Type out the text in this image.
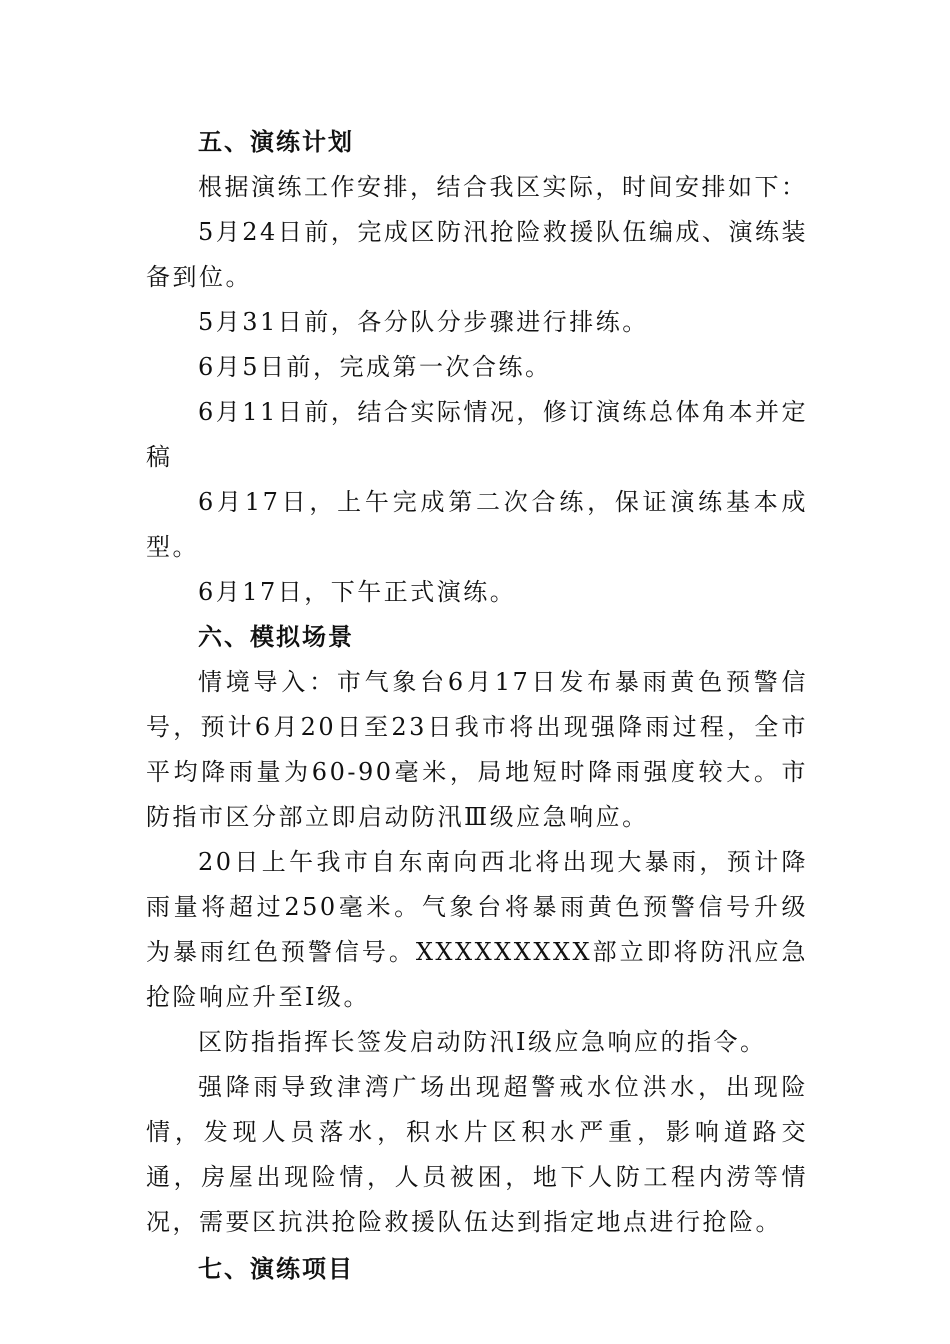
五、演练计划

根据演练工作安排，结合我区实际，时间安排如下：

5月24日前，完成区防汛抢险救援队伍编成、演练装备到位。

5月31日前，各分队分步骤进行排练。

6月5日前，完成第一次合练。

6月11日前，结合实际情况，修订演练总体角本并定稿

6月17日，上午完成第二次合练，保证演练基本成型。

6月17日，下午正式演练。

六、模拟场景

情境导入：市气象台6月17日发布暴雨黄色预警信号，预计6月20日至23日我市将出现强降雨过程，全市平均降雨量为60-90毫米，局地短时降雨强度较大。市防指市区分部立即启动防汛Ⅲ级应急响应。

20日上午我市自东南向西北将出现大暴雨，预计降雨量将超过250毫米。气象台将暴雨黄色预警信号升级为暴雨红色预警信号。XXXXXXXXX部立即将防汛应急抢险响应升至Ⅰ级。

区防指指挥长签发启动防汛Ⅰ级应急响应的指令。

强降雨导致津湾广场出现超警戒水位洪水，出现险情，发现人员落水，积水片区积水严重，影响道路交通，房屋出现险情，人员被困，地下人防工程内涝等情况，需要区抗洪抢险救援队伍达到指定地点进行抢险。

七、演练项目
